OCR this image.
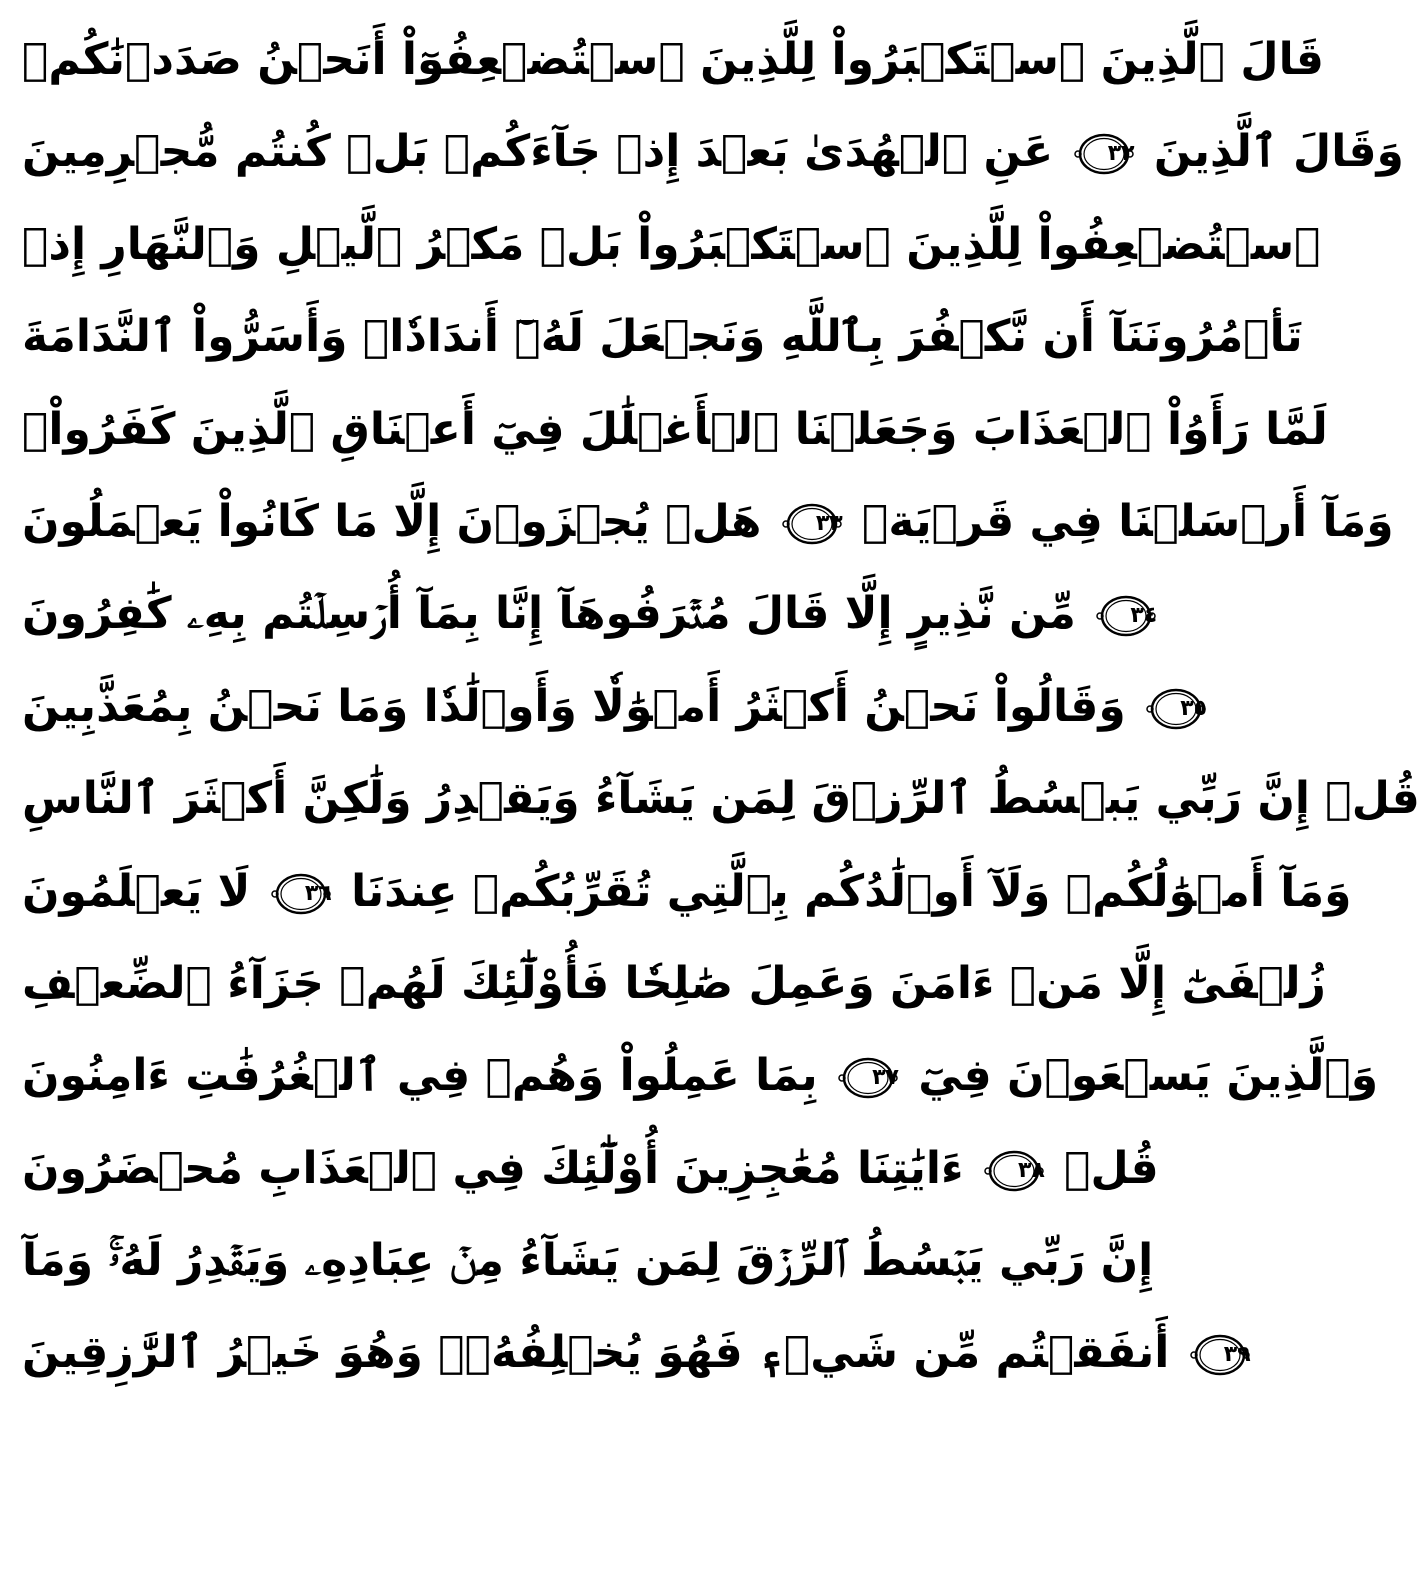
قَالَ ٱلَّذِينَ ٱسۡتَكۡبَرُواْ لِلَّذِينَ ٱسۡتُضۡعِفُوٓاْ أَنَحۡنُ صَدَدۡنَٰكُمۡ
عَنِ ٱلۡهُدَىٰ بَعۡدَ إِذۡ جَآءَكُمۖ بَلۡ كُنتُم مُّجۡرِمِينَ	٣٢ وَقَالَ ٱلَّذِينَ
ٱسۡتُضۡعِفُواْ لِلَّذِينَ ٱسۡتَكۡبَرُواْ بَلۡ مَكۡرُ ٱلَّيۡلِ وَٱلنَّهَارِ إِذۡ
تَأۡمُرُونَنَآ أَن نَّكۡفُرَ بِٱللَّهِ وَنَجۡعَلَ لَهُۥٓ أَندَادٗاۚ وَأَسَرُّواْ ٱلنَّدَامَةَ
لَمَّا رَأَوُاْ ٱلۡعَذَابَ وَجَعَلۡنَا ٱلۡأَغۡلَٰلَ فِيٓ أَعۡنَاقِ ٱلَّذِينَ كَفَرُواْۚ
هَلۡ يُجۡزَوۡنَ إِلَّا مَا كَانُواْ يَعۡمَلُونَ	٣٣ وَمَآ أَرۡسَلۡنَا فِي قَرۡيَةٖ
مِّن نَّذِيرٍ إِلَّا قَالَ مُتۡرَفُوهَآ إِنَّا بِمَآ أُرۡسِلۡتُم بِهِۦ كَٰفِرُونَ	٣٤
وَقَالُواْ نَحۡنُ أَكۡثَرُ أَمۡوَٰلٗا وَأَوۡلَٰدٗا وَمَا نَحۡنُ بِمُعَذَّبِينَ	٣٥
قُلۡ إِنَّ رَبِّي يَبۡسُطُ ٱلرِّزۡقَ لِمَن يَشَآءُ وَيَقۡدِرُ وَلَٰكِنَّ أَكۡثَرَ ٱلنَّاسِ
لَا يَعۡلَمُونَ	٣٦ وَمَآ أَمۡوَٰلُكُمۡ وَلَآ أَوۡلَٰدُكُم بِٱلَّتِي تُقَرِّبُكُمۡ عِندَنَا
زُلۡفَىٰٓ إِلَّا مَنۡ ءَامَنَ وَعَمِلَ صَٰلِحٗا فَأُوْلَٰٓئِكَ لَهُمۡ جَزَآءُ ٱلضِّعۡفِ
بِمَا عَمِلُواْ وَهُمۡ فِي ٱلۡغُرُفَٰتِ ءَامِنُونَ	٣٧ وَٱلَّذِينَ يَسۡعَوۡنَ فِيٓ
ءَايَٰتِنَا مُعَٰجِزِينَ أُوْلَٰٓئِكَ فِي ٱلۡعَذَابِ مُحۡضَرُونَ	٣٨ قُلۡ
إِنَّ رَبِّي يَبۡسُطُ ٱلرِّزۡقَ لِمَن يَشَآءُ مِنۡ عِبَادِهِۦ وَيَقۡدِرُ لَهُۥۚ وَمَآ
أَنفَقۡتُم مِّن شَيۡءٖ فَهُوَ يُخۡلِفُهُۥۖ وَهُوَ خَيۡرُ ٱلرَّٰزِقِينَ	٣٩
